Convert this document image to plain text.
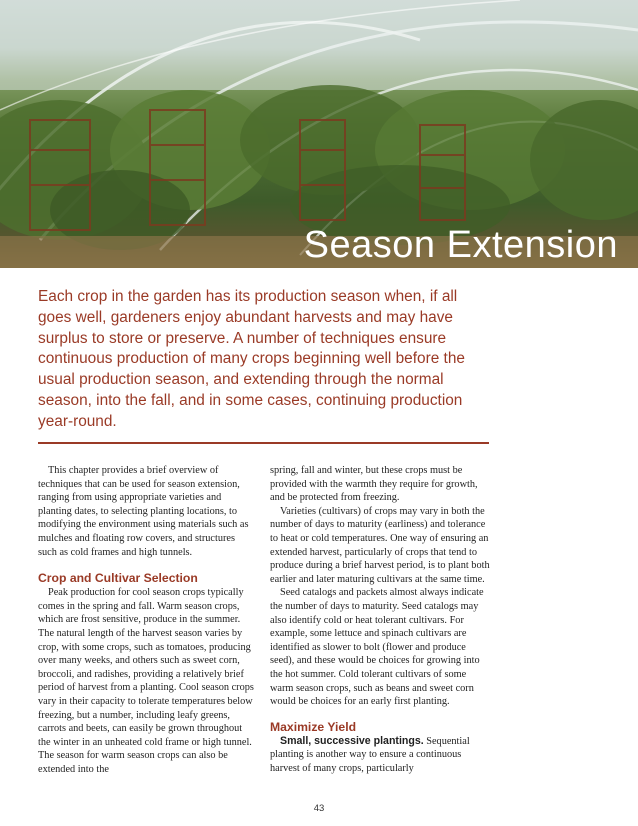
Season Extension
Each crop in the garden has its production season when, if all goes well, gardeners enjoy abundant harvests and may have surplus to store or preserve. A number of techniques ensure continuous production of many crops beginning well before the usual production season, and extending through the normal season, into the fall, and in some cases, continuing production year-round.

This chapter provides a brief overview of techniques that can be used for season extension, ranging from using appropriate varieties and planting dates, to selecting planting locations, to modifying the environment using materials such as mulches and floating row covers, and structures such as cold frames and high tunnels.

Crop and Cultivar Selection

Peak production for cool season crops typically comes in the spring and fall. Warm season crops, which are frost sensitive, produce in the summer. The natural length of the harvest season varies by crop, with some crops, such as tomatoes, producing over many weeks, and others such as sweet corn, broccoli, and radishes, providing a relatively brief period of harvest from a planting. Cool season crops vary in their capacity to tolerate temperatures below freezing, but a number, including leafy greens, carrots and beets, can easily be grown throughout the winter in an unheated cold frame or high tunnel. The season for warm season crops can also be extended into the

spring, fall and winter, but these crops must be provided with the warmth they require for growth, and be protected from freezing.

Varieties (cultivars) of crops may vary in both the number of days to maturity (earliness) and tolerance to heat or cold temperatures. One way of ensuring an extended harvest, particularly of crops that tend to produce during a brief harvest period, is to plant both earlier and later maturing cultivars at the same time.

Seed catalogs and packets almost always indicate the number of days to maturity. Seed catalogs may also identify cold or heat tolerant cultivars. For example, some lettuce and spinach cultivars are identified as slower to bolt (flower and produce seed), and these would be choices for growing into the hot summer. Cold tolerant cultivars of some warm season crops, such as beans and sweet corn would be choices for an early first planting.

Maximize Yield

Small, successive plantings. Sequential planting is another way to ensure a continuous harvest of many crops, particularly

43
